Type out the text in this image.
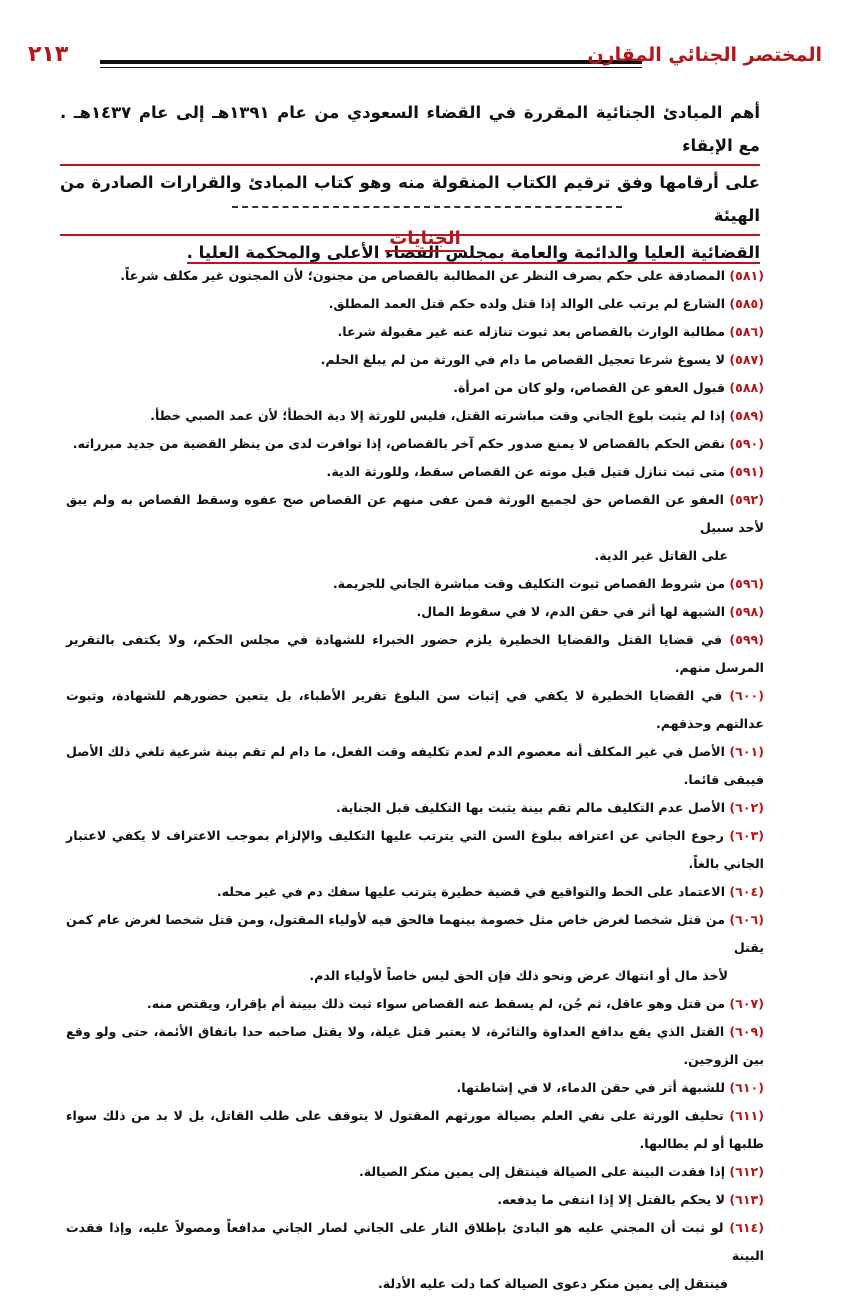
٢١٣	المختصر الجنائي المقارن
أهم المبادئ الجنائية المقررة في القضاء السعودي من عام ١٣٩١هـ إلى عام ١٤٣٧هـ . مع الإبقاء
على أرقامها وفق ترقيم الكتاب المنقولة منه وهو كتاب المبادئ والقرارات الصادرة من الهيئة
القضائية العليا والدائمة والعامة بمجلس القضاء الأعلى والمحكمة العليا .
الجنايات

(٥٨١) المصادقة على حكم بصرف النظر عن المطالبة بالقصاص من مجنون؛ لأن المجنون غير مكلف شرعاً.

(٥٨٥) الشارع لم يرتب على الوالد إذا قتل ولده حكم قتل العمد المطلق.

(٥٨٦) مطالبة الوارث بالقصاص بعد ثبوت تنازله عنه غير مقبولة شرعا.

(٥٨٧) لا يسوغ شرعا تعجيل القصاص ما دام في الورثة من لم يبلغ الحلم.

(٥٨٨) قبول العفو عن القصاص، ولو كان من امرأة.

(٥٨٩) إذا لم يثبت بلوغ الجاني وقت مباشرته القتل، فليس للورثة إلا دية الخطأ؛ لأن عمد الصبي خطأ.

(٥٩٠) نقض الحكم بالقصاص لا يمنع صدور حكم آخر بالقصاص، إذا توافرت لدى من ينظر القضية من جديد مبرراته.

(٥٩١) متى ثبت تنازل قتيل قبل موته عن القصاص سقط، وللورثة الدية.

(٥٩٢) العفو عن القصاص حق لجميع الورثة فمن عفى منهم عن القصاص صح عفوه وسقط القصاص به ولم يبق لأحد سبيل
على القاتل غير الدية.

(٥٩٦) من شروط القصاص ثبوت التكليف وقت مباشرة الجاني للجريمة.

(٥٩٨) الشبهة لها أثر في حقن الدم، لا في سقوط المال.

(٥٩٩) في قضايا القتل والقضايا الخطيرة يلزم حضور الخبراء للشهادة في مجلس الحكم، ولا يكتفى بالتقرير المرسل منهم.

(٦٠٠) في القضايا الخطيرة لا يكفي في إثبات سن البلوغ تقرير الأطباء، بل يتعين حضورهم للشهادة، وثبوت عدالتهم وحذقهم.

(٦٠١) الأصل في غير المكلف أنه معصوم الدم لعدم تكليفه وقت الفعل، ما دام لم تقم بينة شرعية تلغي ذلك الأصل فيبقى قائما.

(٦٠٢) الأصل عدم التكليف مالم تقم بينة يثبت بها التكليف قبل الجناية.

(٦٠٣) رجوع الجاني عن اعترافه ببلوغ السن التي يترتب عليها التكليف والإلزام بموجب الاعتراف لا يكفي لاعتبار الجاني بالغاً.

(٦٠٤) الاعتماد على الخط والتواقيع في قضية خطيرة يترتب عليها سفك دم في غير محله.

(٦٠٦) من قتل شخصا لغرض خاص مثل خصومة بينهما فالحق فيه لأولياء المقتول، ومن قتل شخصا لغرض عام كمن يقتل
لأخذ مال أو انتهاك عرض ونحو ذلك فإن الحق ليس خاصاً لأولياء الدم.

(٦٠٧) من قتل وهو عاقل، ثم جُن، لم يسقط عنه القصاص سواء ثبت ذلك ببينة أم بإقرار، ويقتص منه.

(٦٠٩) القتل الذي يقع بدافع العداوة والثائرة، لا يعتبر قتل غيلة، ولا يقتل صاحبه حدا باتفاق الأئمة، حتى ولو وقع بين الزوجين.

(٦١٠) للشبهة أثر في حقن الدماء، لا في إشاطتها.

(٦١١) تحليف الورثة على نفي العلم بصيالة مورثهم المقتول لا يتوقف على طلب القاتل، بل لا بد من ذلك سواء طلبها أو لم يطالبها.

(٦١٢) إذا فقدت البينة على الصيالة فينتقل إلى يمين منكر الصيالة.

(٦١٣) لا يحكم بالقتل إلا إذا انتفى ما يدفعه.

(٦١٤) لو ثبت أن المجني عليه هو البادئ بإطلاق النار على الجاني لصار الجاني مدافعاً ومصولاً عليه، وإذا فقدت البينة
فينتقل إلى يمين منكر دعوى الصيالة كما دلت عليه الأدلة.
